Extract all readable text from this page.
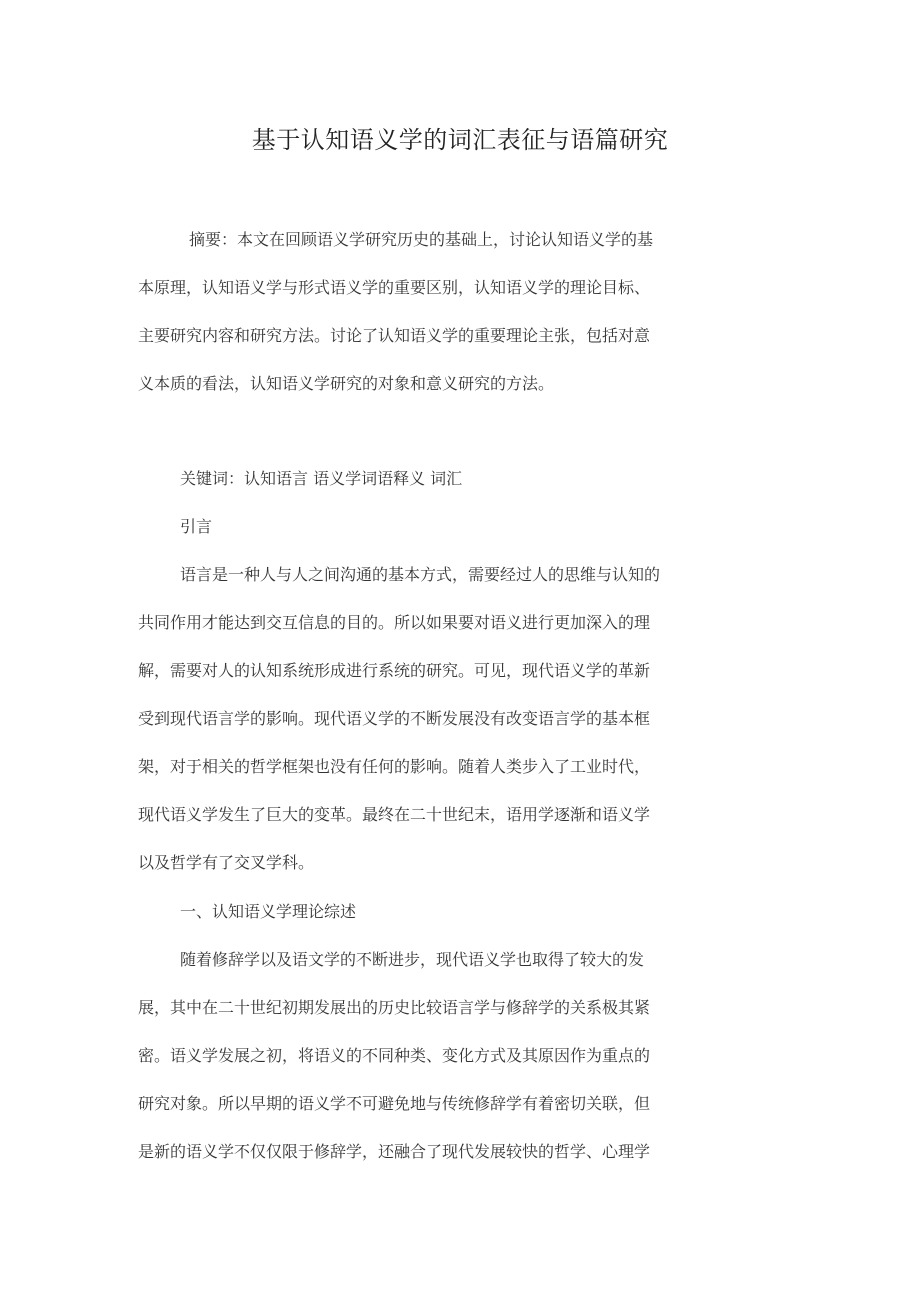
基于认知语义学的词汇表征与语篇研究
摘要：本文在回顾语义学研究历史的基础上，讨论认知语义学的基
本原理，认知语义学与形式语义学的重要区别，认知语义学的理论目标、
主要研究内容和研究方法。讨论了认知语义学的重要理论主张，包括对意
义本质的看法，认知语义学研究的对象和意义研究的方法。
关键词：认知语言 语义学词语释义 词汇
引言
语言是一种人与人之间沟通的基本方式，需要经过人的思维与认知的
共同作用才能达到交互信息的目的。所以如果要对语义进行更加深入的理
解，需要对人的认知系统形成进行系统的研究。可见，现代语义学的革新
受到现代语言学的影响。现代语义学的不断发展没有改变语言学的基本框
架，对于相关的哲学框架也没有任何的影响。随着人类步入了工业时代，
现代语义学发生了巨大的变革。最终在二十世纪末，语用学逐渐和语义学
以及哲学有了交叉学科。
一、认知语义学理论综述
随着修辞学以及语文学的不断进步，现代语义学也取得了较大的发
展，其中在二十世纪初期发展出的历史比较语言学与修辞学的关系极其紧
密。语义学发展之初，将语义的不同种类、变化方式及其原因作为重点的
研究对象。所以早期的语义学不可避免地与传统修辞学有着密切关联，但
是新的语义学不仅仅限于修辞学，还融合了现代发展较快的哲学、心理学
